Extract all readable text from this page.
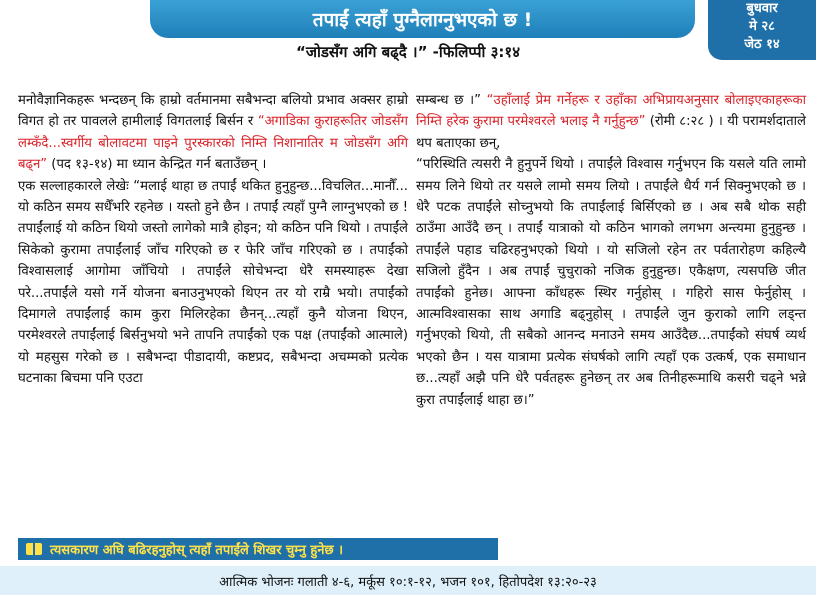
तपाईं त्यहाँ पुग्नैलाग्नुभएको छ !
बुधवार
मे २८
जेठ १४
“जोडसँग अगि बढ्दै ।” -फिलिप्पी ३:१४

मनोवैज्ञानिकहरू भन्दछन् कि हाम्रो वर्तमानमा सबैभन्दा बलियो प्रभाव अक्सर हाम्रो विगत हो तर पावलले हामीलाई विगतलाई बिर्सन र “अगाडिका कुराहरूतिर जोडसँग लम्कँदै...स्वर्गीय बोलावटमा पाइने पुरस्कारको निम्ति निशानातिर म जोडसँग अगि बढ्‍न” (पद १३-१४) मा ध्यान केन्द्रित गर्न बताउँछन् ।

एक सल्लाहकारले लेखेः “मलाई थाहा छ तपाईं थकित हुनुहुन्छ...विचलित...मानौँ... यो कठिन समय सधैँभरि रहनेछ । यस्तो हुने छैन । तपाईं त्यहाँ पुग्नै लाग्नुभएको छ ! तपाईंलाई यो कठिन थियो जस्तो लागेको मात्रै होइन; यो कठिन पनि थियो । तपाईंले सिकेको कुरामा तपाईंलाई जाँच गरिएको छ र फेरि जाँच गरिएको छ । तपाईंको विश्वासलाई आगोमा जाँचियो । तपाईंले सोचेभन्दा धेरै समस्याहरू देखा परे...तपाईंले यसो गर्ने योजना बनाउनुभएको थिएन तर यो राम्रै भयो। तपाईंको दिमागले तपाईंलाई काम कुरा मिलिरहेका छैनन्...त्यहाँ कुनै योजना थिएन, परमेश्वरले तपाईंलाई बिर्सनुभयो भने तापनि तपाईंको एक पक्ष (तपाईंको आत्माले) यो महसुस गरेको छ । सबैभन्दा पीडादायी, कष्टप्रद, सबैभन्दा अचम्मको प्रत्येक घटनाका बिचमा पनि एउटा

सम्बन्ध छ ।” “उहाँलाई प्रेम गर्नेहरू र उहाँका अभिप्रायअनुसार बोलाइएकाहरूका निम्ति हरेक कुरामा परमेश्वरले भलाइ नै गर्नुहुन्छ” (रोमी ८:२८ ) । यी परामर्शदाताले थप बताएका छन्,

“परिस्थिति त्यसरी नै हुनुपर्ने थियो । तपाईंले विश्वास गर्नुभएन कि यसले यति लामो समय लिने थियो तर यसले लामो समय लियो । तपाईंले धैर्य गर्न सिक्नुभएको छ । धेरै पटक तपाईंले सोच्नुभयो कि तपाईंलाई बिर्सिएको छ । अब सबै थोक सही ठाउँमा आउँदै छन् । तपाईं यात्राको यो कठिन भागको लगभग अन्त्यमा हुनुहुन्छ । तपाईंले पहाड चढिरहनुभएको थियो । यो सजिलो रहेन तर पर्वतारोहण कहिल्यै सजिलो हुँदैन । अब तपाईं चुचुराको नजिक हुनुहुन्छ। एकैक्षण, त्यसपछि जीत तपाईंको हुनेछ। आफ्ना काँधहरू स्थिर गर्नुहोस् । गहिरो सास फेर्नुहोस् । आत्मविश्वासका साथ अगाडि बढ्नुहोस् । तपाईंले जुन कुराको लागि लड्न्त गर्नुभएको थियो, ती सबैको आनन्द मनाउने समय आउँदैछ...तपाईंको संघर्ष व्यर्थ भएको छैन । यस यात्रामा प्रत्येक संघर्षको लागि त्यहाँ एक उत्कर्ष, एक समाधान छ...त्यहाँ अझै पनि धेरै पर्वतहरू हुनेछन् तर अब तिनीहरूमाथि कसरी चढ्ने भन्ने कुरा तपाईंलाई थाहा छ।”

त्यसकारण अघि बढिरहनुहोस् त्यहाँ तपाईंले शिखर चुम्नु हुनेछ ।
आत्मिक भोजनः गलाती ४-६, मर्कूस १०:१-१२, भजन १०१, हितोपदेश १३:२०-२३
